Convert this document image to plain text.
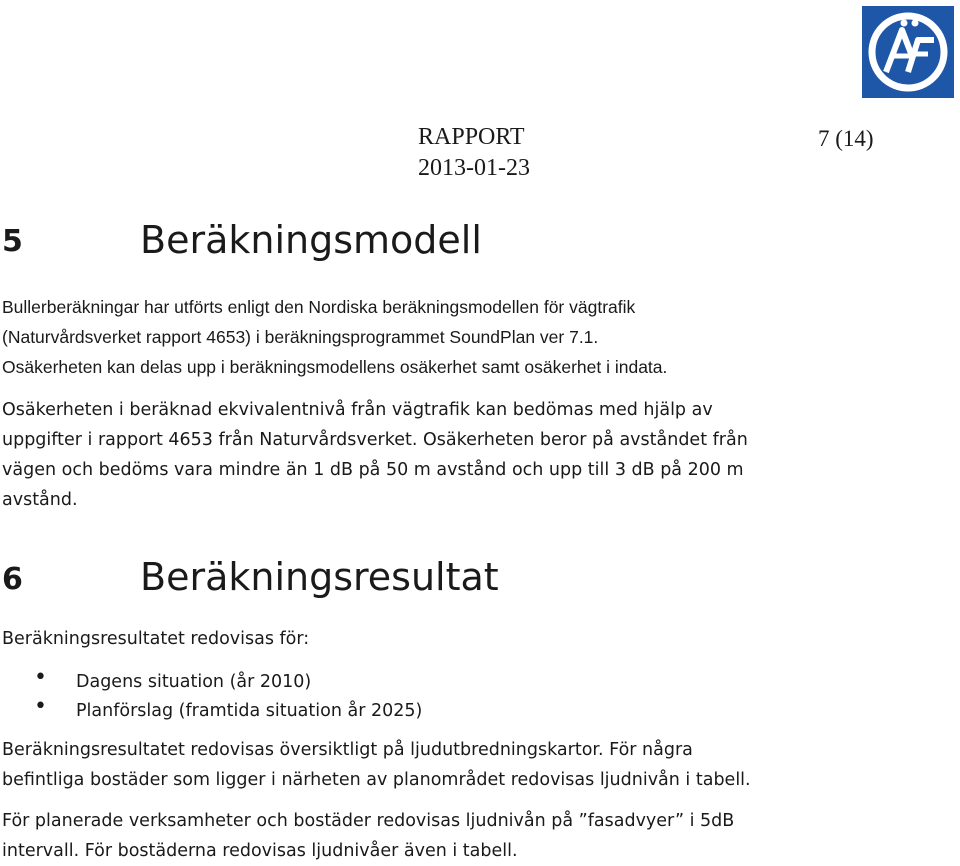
RAPPORT	7 (14)
2013-01-23
5	Beräkningsmodell
Bullerberäkningar har utförts enligt den Nordiska beräkningsmodellen för vägtrafik
(Naturvårdsverket rapport 4653) i beräkningsprogrammet SoundPlan ver 7.1.
Osäkerheten kan delas upp i beräkningsmodellens osäkerhet samt osäkerhet i indata.
Osäkerheten i beräknad ekvivalentnivå från vägtrafik kan bedömas med hjälp av
uppgifter i rapport 4653 från Naturvårdsverket. Osäkerheten beror på avståndet från
vägen och bedöms vara mindre än 1 dB på 50 m avstånd och upp till 3 dB på 200 m
avstånd.
6	Beräkningsresultat
Beräkningsresultatet redovisas för:
• Dagens situation (år 2010)
• Planförslag (framtida situation år 2025)
Beräkningsresultatet redovisas översiktligt på ljudutbredningskartor. För några
befintliga bostäder som ligger i närheten av planområdet redovisas ljudnivån i tabell.
För planerade verksamheter och bostäder redovisas ljudnivån på ”fasadvyer” i 5dB
intervall. För bostäderna redovisas ljudnivåer även i tabell.
